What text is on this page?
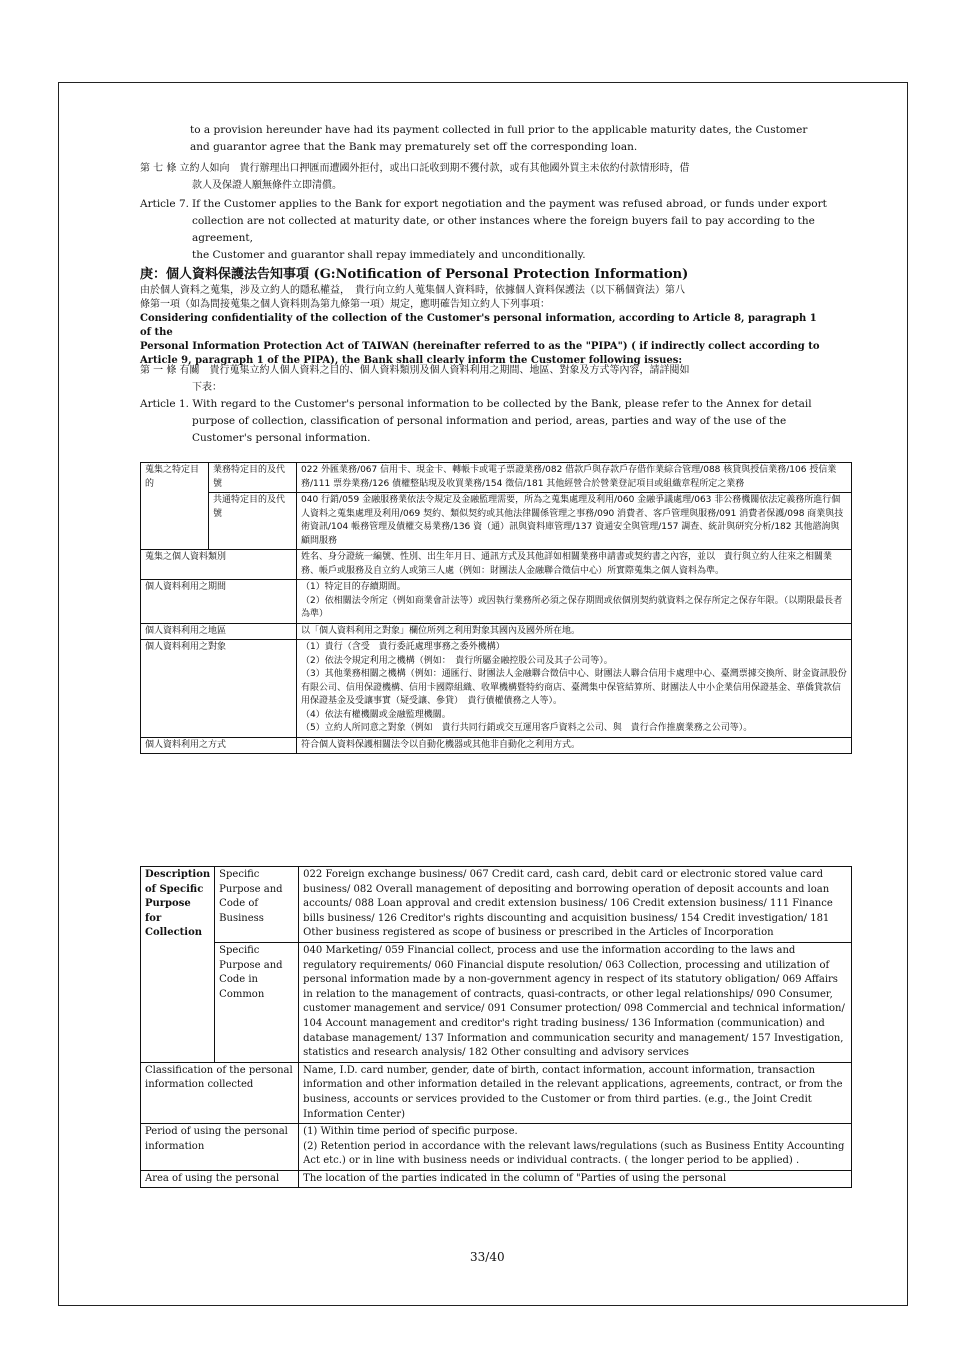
to a provision hereunder have had its payment collected in full prior to the applicable maturity dates, the Customer and guarantor agree that the Bank may prematurely set off the corresponding loan.
第 七 條 立約人如向　貴行辦理出口押匯而遭國外拒付，或出口託收到期不獲付款，或有其他國外買主未依約付款情形時，借
款人及保證人願無條件立即清償。
Article 7. If the Customer applies to the Bank for export negotiation and the payment was refused abroad, or funds under export
collection are not collected at maturity date, or other instances where the foreign buyers fail to pay according to the agreement,
the Customer and guarantor shall repay immediately and unconditionally.
庚：個人資料保護法告知事項 (G:Notification of Personal Protection Information)
由於個人資料之蒐集，涉及立約人的隱私權益，　貴行向立約人蒐集個人資料時，依據個人資料保護法（以下稱個資法）第八
條第一項（如為間接蒐集之個人資料則為第九條第一項）規定，應明確告知立約人下列事項：
Considering confidentiality of the collection of the Customer's personal information, according to Article 8, paragraph 1 of the
Personal Information Protection Act of TAIWAN (hereinafter referred to as the "PIPA") ( if indirectly collect according to
Article 9, paragraph 1 of the PIPA), the Bank shall clearly inform the Customer following issues:
第 一 條 有關　貴行蒐集立約人個人資料之目的、個人資料類別及個人資料利用之期間、地區、對象及方式等內容，請詳閱如
下表：
Article 1. With regard to the Customer's personal information to be collected by the Bank, please refer to the Annex for detail
purpose of collection, classification of personal information and period, areas, parties and way of the use of the
Customer's personal information.
蒐集之特定目的	業務特定目的及代號	022 外匯業務/067 信用卡、現金卡、轉帳卡或電子票證業務/082 借款戶與存款戶存借作業綜合管理/088 核貸與授信業務/106 授信業務/111 票券業務/126 債權整貼現及收買業務/154 徵信/181 其他經營合於營業登記項目或組織章程所定之業務
	共通特定目的及代號	040 行銷/059 金融服務業依法令規定及金融監理需要，所為之蒐集處理及利用/060 金融爭議處理/063 非公務機關依法定義務所進行個人資料之蒐集處理及利用/069 契約、類似契約或其他法律關係管理之事務/090 消費者、客戶管理與服務/091 消費者保護/098 商業與技術資訊/104 帳務管理及債權交易業務/136 資（通）訊與資料庫管理/137 資通安全與管理/157 調查、統計與研究分析/182 其他諮詢與顧問服務
蒐集之個人資料類別		姓名、身分證統一編號、性別、出生年月日、通訊方式及其他詳如相關業務申請書或契約書之內容，並以　貴行與立約人往來之相關業務、帳戶或服務及自立約人或第三人處（例如：財團法人金融聯合徵信中心）所實際蒐集之個人資料為準。
個人資料利用之期間		（1）特定目的存續期間。
（2）依相關法令所定（例如商業會計法等）或因執行業務所必須之保存期間或依個別契約就資料之保存所定之保存年限。（以期限最長者為準）

個人資料利用之地區		以「個人資料利用之對象」欄位所列之利用對象其國內及國外所在地。
個人資料利用之對象		（1）貴行（含受　貴行委託處理事務之委外機構）
（2）依法令規定利用之機構（例如：　貴行所屬金融控股公司及其子公司等）。
（3）其他業務相關之機構（例如：通匯行、財團法人金融聯合徵信中心、財團法人聯合信用卡處理中心、臺灣票據交換所、財金資訊股份有限公司、信用保證機構、信用卡國際組織、收單機構暨特約商店、臺灣集中保管結算所、財團法人中小企業信用保證基金、華僑貸款信用保證基金及受讓事實（疑受讓、參貸）　貴行債權債務之人等）。
（4）依法有權機關或金融監理機關。
（5）立約人所同意之對象（例如　貴行共同行銷或交互運用客戶資料之公司、與　貴行合作推廣業務之公司等）。

個人資料利用之方式		符合個人資料保護相關法令以自動化機器或其他非自動化之利用方式。
Description of Specific Purpose for Collection	Specific Purpose and Code of Business	022 Foreign exchange business/ 067 Credit card, cash card, debit card or electronic stored value card business/ 082 Overall management of depositing and borrowing operation of deposit accounts and loan accounts/ 088 Loan approval and credit extension business/ 106 Credit extension business/ 111 Finance bills business/ 126 Creditor's rights discounting and acquisition business/ 154 Credit investigation/ 181 Other business registered as scope of business or prescribed in the Articles of Incorporation
	Specific Purpose and Code in Common	040 Marketing/ 059 Financial collect, process and use the information according to the laws and regulatory requirements/ 060 Financial dispute resolution/ 063 Collection, processing and utilization of personal information made by a non-government agency in respect of its statutory obligation/ 069 Affairs in relation to the management of contracts, quasi-contracts, or other legal relationships/ 090 Consumer, customer management and service/ 091 Consumer protection/ 098 Commercial and technical information/ 104 Account management and creditor's right trading business/ 136 Information (communication) and database management/ 137 Information and communication security and management/ 157 Investigation, statistics and research analysis/ 182 Other consulting and advisory services
Classification of the personal information collected		Name, I.D. card number, gender, date of birth, contact information, account information, transaction information and other information detailed in the relevant applications, agreements, contract, or from the business, accounts or services provided to the Customer or from third parties. (e.g., the Joint Credit Information Center)
Period of using the personal information		(1) Within time period of specific purpose.
(2) Retention period in accordance with the relevant laws/regulations (such as Business Entity Accounting Act etc.) or in line with business needs or individual contracts. ( the longer period to be applied) .

Area of using the personal		The location of the parties indicated in the column of "Parties of using the personal
33/40
